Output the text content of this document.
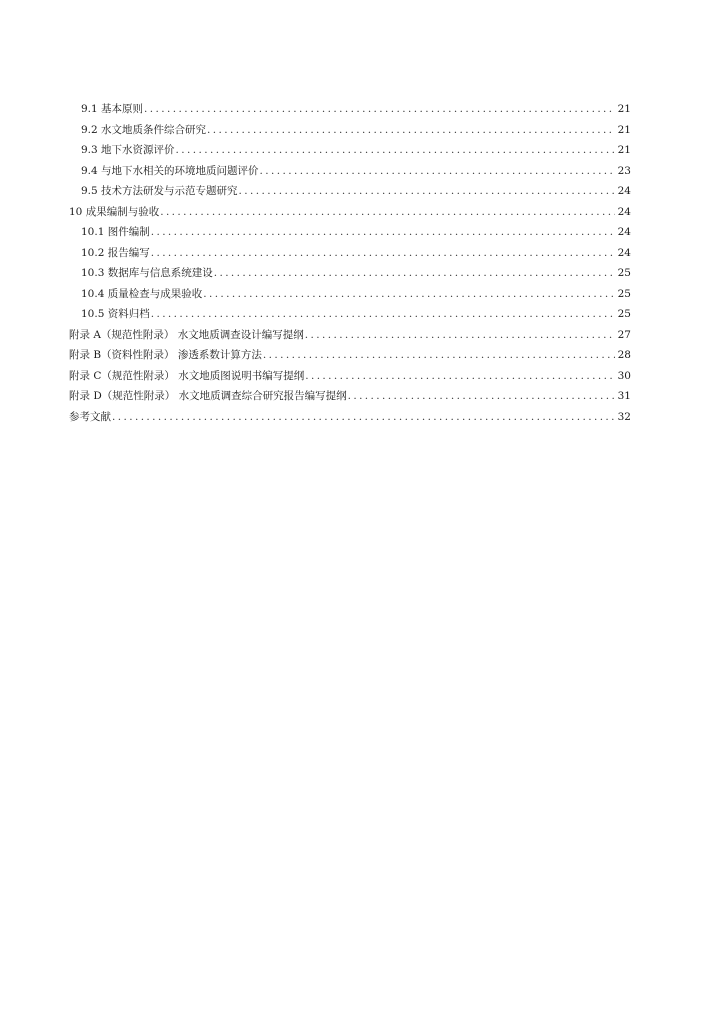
9.1 基本原则 .....	21
9.2 水文地质条件综合研究 .....	21
9.3 地下水资源评价 .....	21
9.4 与地下水相关的环境地质问题评价 .....	23
9.5 技术方法研发与示范专题研究 .....	24
10 成果编制与验收 .....	24
10.1 图件编制 .....	24
10.2 报告编写 .....	24
10.3 数据库与信息系统建设 .....	25
10.4 质量检查与成果验收 .....	25
10.5 资料归档 .....	25
附录 A（规范性附录） 水文地质调查设计编写提纲 .....	27
附录 B（资料性附录） 渗透系数计算方法 .....	28
附录 C（规范性附录） 水文地质图说明书编写提纲 .....	30
附录 D（规范性附录） 水文地质调查综合研究报告编写提纲 .....	31
参考文献 .....	32
